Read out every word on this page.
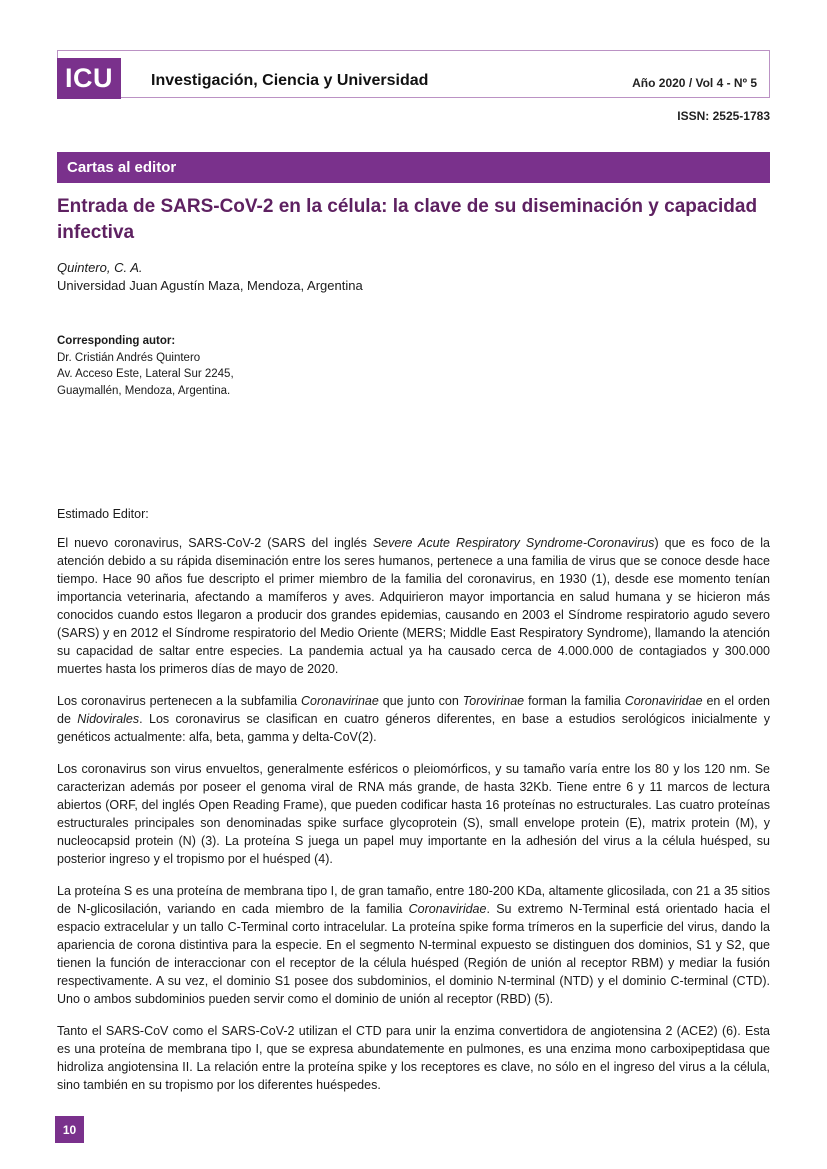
ICU Investigación, Ciencia y Universidad	Año 2020 / Vol 4 - Nº 5
ISSN: 2525-1783
Cartas al editor
Entrada de SARS-CoV-2 en la célula: la clave de su diseminación y capacidad infectiva
Quintero, C. A.
Universidad Juan Agustín Maza, Mendoza, Argentina
Corresponding autor:
Dr. Cristián Andrés Quintero
Av. Acceso Este, Lateral Sur 2245,
Guaymallén, Mendoza, Argentina.

Estimado Editor:

El nuevo coronavirus, SARS-CoV-2 (SARS del inglés Severe Acute Respiratory Syndrome-Coronavirus) que es foco de la atención debido a su rápida diseminación entre los seres humanos, pertenece a una familia de virus que se conoce desde hace tiempo. Hace 90 años fue descripto el primer miembro de la familia del coronavirus, en 1930 (1), desde ese momento tenían importancia veterinaria, afectando a mamíferos y aves. Adquirieron mayor importancia en salud humana y se hicieron más conocidos cuando estos llegaron a producir dos grandes epidemias, causando en 2003 el Síndrome respiratorio agudo severo (SARS) y en 2012 el Síndrome respiratorio del Medio Oriente (MERS; Middle East Respiratory Syndrome), llamando la atención su capacidad de saltar entre especies. La pandemia actual ya ha causado cerca de 4.000.000 de contagiados y 300.000 muertes hasta los primeros días de mayo de 2020.

Los coronavirus pertenecen a la subfamilia Coronavirinae que junto con Torovirinae forman la familia Coronaviridae en el orden de Nidovirales. Los coronavirus se clasifican en cuatro géneros diferentes, en base a estudios serológicos inicialmente y genéticos actualmente: alfa, beta, gamma y delta-CoV(2).

Los coronavirus son virus envueltos, generalmente esféricos o pleiomórficos, y su tamaño varía entre los 80 y los 120 nm. Se caracterizan además por poseer el genoma viral de RNA más grande, de hasta 32Kb. Tiene entre 6 y 11 marcos de lectura abiertos (ORF, del inglés Open Reading Frame), que pueden codificar hasta 16 proteínas no estructurales. Las cuatro proteínas estructurales principales son denominadas spike surface glycoprotein (S), small envelope protein (E), matrix protein (M), y nucleocapsid protein (N) (3). La proteína S juega un papel muy importante en la adhesión del virus a la célula huésped, su posterior ingreso y el tropismo por el huésped (4).

La proteína S es una proteína de membrana tipo I, de gran tamaño, entre 180-200 KDa, altamente glicosilada, con 21 a 35 sitios de N-glicosilación, variando en cada miembro de la familia Coronaviridae. Su extremo N-Terminal está orientado hacia el espacio extracelular y un tallo C-Terminal corto intracelular. La proteína spike forma trímeros en la superficie del virus, dando la apariencia de corona distintiva para la especie. En el segmento N-terminal expuesto se distinguen dos dominios, S1 y S2, que tienen la función de interaccionar con el receptor de la célula huésped (Región de unión al receptor RBM) y mediar la fusión respectivamente. A su vez, el dominio S1 posee dos subdominios, el dominio N-terminal (NTD) y el dominio C-terminal (CTD). Uno o ambos subdominios pueden servir como el dominio de unión al receptor (RBD) (5).

Tanto el SARS-CoV como el SARS-CoV-2 utilizan el CTD para unir la enzima convertidora de angiotensina 2 (ACE2) (6). Esta es una proteína de membrana tipo I, que se expresa abundatemente en pulmones, es una enzima mono carboxipeptidasa que hidroliza angiotensina II. La relación entre la proteína spike y los receptores es clave, no sólo en el ingreso del virus a la célula, sino también en su tropismo por los diferentes huéspedes.

10
